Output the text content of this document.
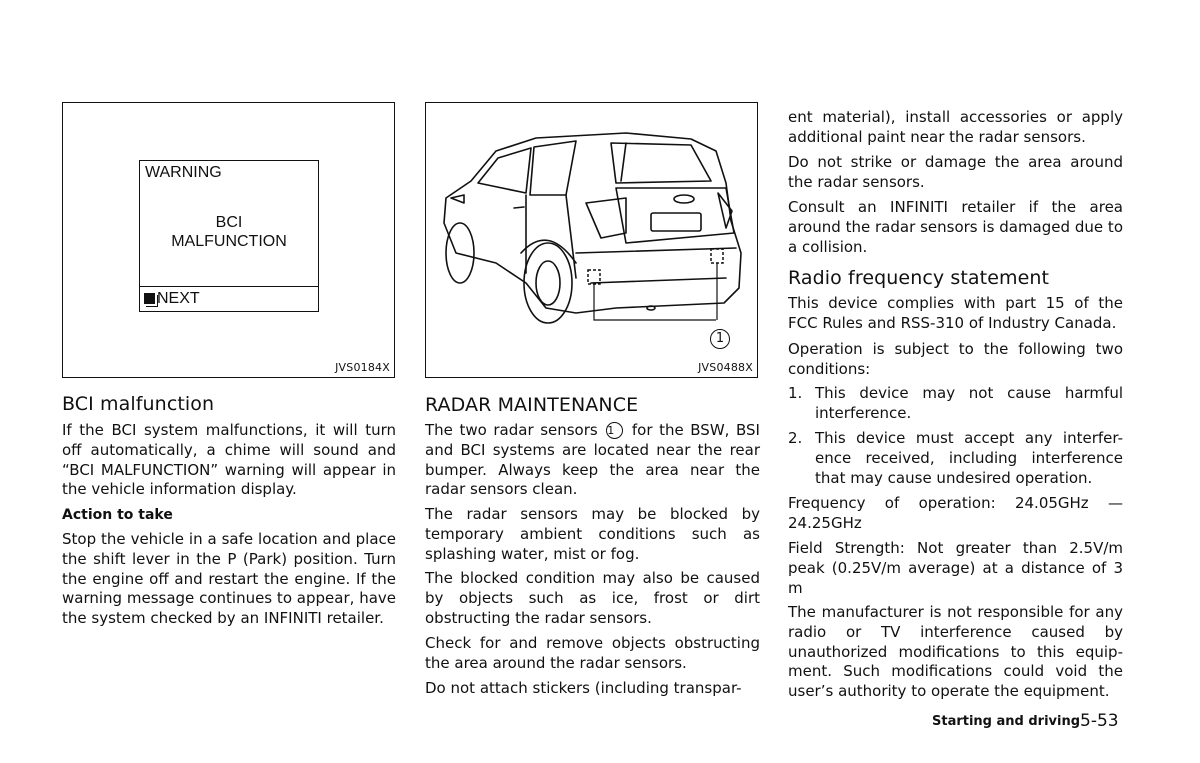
WARNING
BCI
MALFUNCTION
NEXT
JVS0184X
1
JVS0488X
BCI malfunction

If the BCI system malfunctions, it will turn off automatically, a chime will sound and “BCI MALFUNCTION” warning will appear in the vehicle information display.

Action to take

Stop the vehicle in a safe location and place the shift lever in the P (Park) position. Turn the engine off and restart the engine. If the warning message continues to appear, have the system checked by an INFINITI retailer.

RADAR MAINTENANCE

The two radar sensors 1 for the BSW, BSI and BCI systems are located near the rear bumper. Always keep the area near the radar sensors clean.

The radar sensors may be blocked by temporary ambient conditions such as splashing water, mist or fog.

The blocked condition may also be caused by objects such as ice, frost or dirt obstructing the radar sensors.

Check for and remove objects obstructing the area around the radar sensors.

Do not attach stickers (including transpar-

ent material), install accessories or apply additional paint near the radar sensors.

Do not strike or damage the area around the radar sensors.

Consult an INFINITI retailer if the area around the radar sensors is damaged due to a collision.

Radio frequency statement

This device complies with part 15 of the FCC Rules and RSS-310 of Industry Canada.

Operation is subject to the following two conditions:

1. This device may not cause harmful interference.
2. This device must accept any interfer-ence received, including interference that may cause undesired operation.

Frequency of operation: 24.05GHz — 24.25GHz

Field Strength: Not greater than 2.5V/m peak (0.25V/m average) at a distance of 3 m

The manufacturer is not responsible for any radio or TV interference caused by unauthorized modifications to this equip-ment. Such modifications could void the user’s authority to operate the equipment.

Starting and driving 5-53
